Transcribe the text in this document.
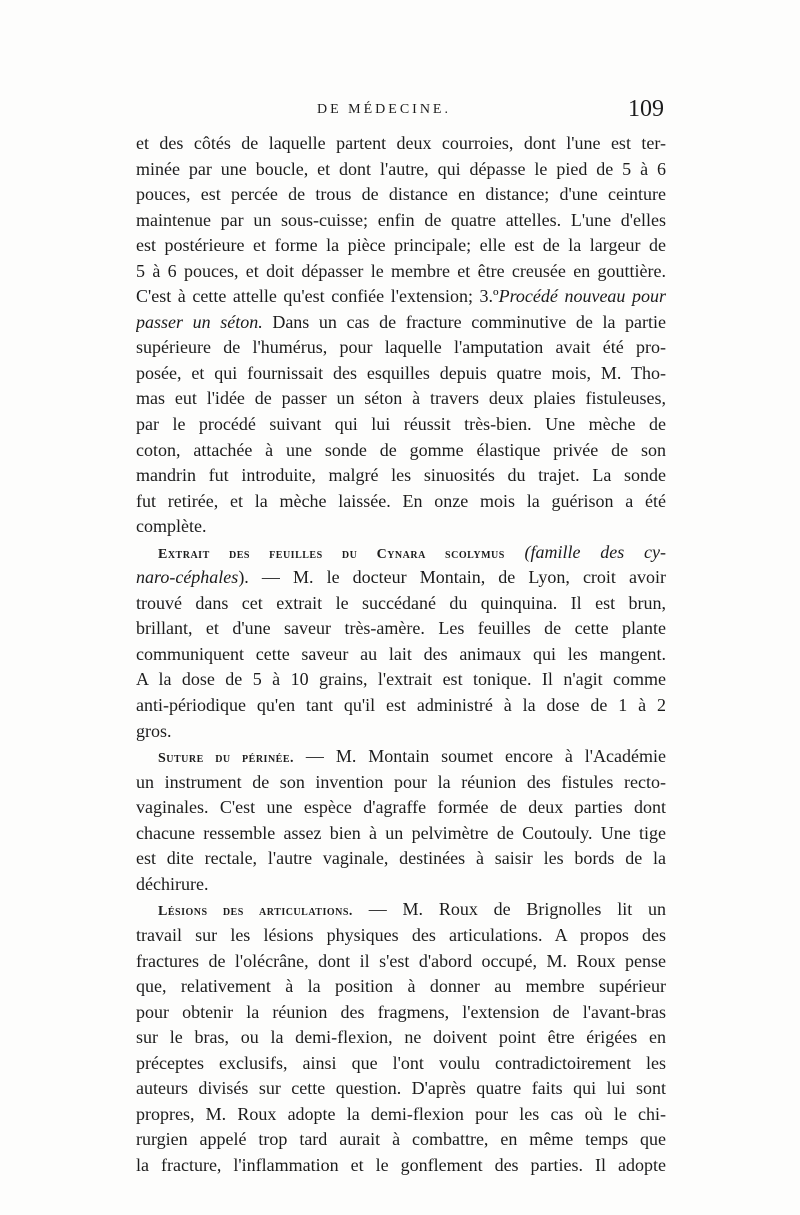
DE MÉDECINE.	109
et des côtés de laquelle partent deux courroies, dont l'une est ter-
minée par une boucle, et dont l'autre, qui dépasse le pied de 5 à 6
pouces, est percée de trous de distance en distance; d'une ceinture
maintenue par un sous-cuisse; enfin de quatre attelles. L'une d'elles
est postérieure et forme la pièce principale; elle est de la largeur de
5 à 6 pouces, et doit dépasser le membre et être creusée en gouttière.
C'est à cette attelle qu'est confiée l'extension; 3.ºProcédé nouveau pour
passer un séton. Dans un cas de fracture comminutive de la partie
supérieure de l'humérus, pour laquelle l'amputation avait été pro-
posée, et qui fournissait des esquilles depuis quatre mois, M. Tho-
mas eut l'idée de passer un séton à travers deux plaies fistuleuses,
par le procédé suivant qui lui réussit très-bien. Une mèche de
coton, attachée à une sonde de gomme élastique privée de son
mandrin fut introduite, malgré les sinuosités du trajet. La sonde
fut retirée, et la mèche laissée. En onze mois la guérison a été
complète.
Extrait des feuilles du Cynara scolymus (famille des cy-
naro-céphales). — M. le docteur Montain, de Lyon, croit avoir
trouvé dans cet extrait le succédané du quinquina. Il est brun,
brillant, et d'une saveur très-amère. Les feuilles de cette plante
communiquent cette saveur au lait des animaux qui les mangent.
A la dose de 5 à 10 grains, l'extrait est tonique. Il n'agit comme
anti-périodique qu'en tant qu'il est administré à la dose de 1 à 2
gros.
Suture du périnée. — M. Montain soumet encore à l'Académie
un instrument de son invention pour la réunion des fistules recto-
vaginales. C'est une espèce d'agraffe formée de deux parties dont
chacune ressemble assez bien à un pelvimètre de Coutouly. Une tige
est dite rectale, l'autre vaginale, destinées à saisir les bords de la
déchirure.
Lésions des articulations. — M. Roux de Brignolles lit un
travail sur les lésions physiques des articulations. A propos des
fractures de l'olécrâne, dont il s'est d'abord occupé, M. Roux pense
que, relativement à la position à donner au membre supérieur
pour obtenir la réunion des fragmens, l'extension de l'avant-bras
sur le bras, ou la demi-flexion, ne doivent point être érigées en
préceptes exclusifs, ainsi que l'ont voulu contradictoirement les
auteurs divisés sur cette question. D'après quatre faits qui lui sont
propres, M. Roux adopte la demi-flexion pour les cas où le chi-
rurgien appelé trop tard aurait à combattre, en même temps que
la fracture, l'inflammation et le gonflement des parties. Il adopte
